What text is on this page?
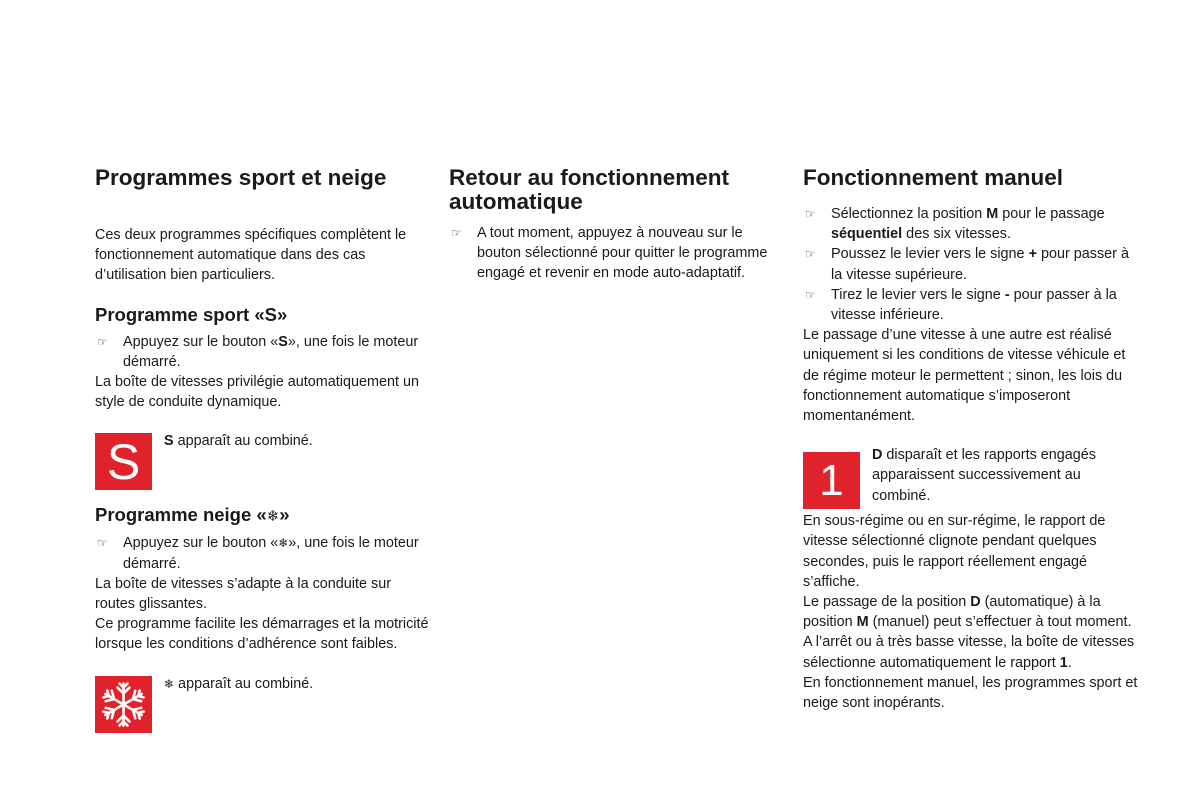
Programmes sport et neige

Ces deux programmes spécifiques complètent le fonctionnement automatique dans des cas d’utilisation bien particuliers.

Programme sport «S»
☞ Appuyez sur le bouton «S», une fois le moteur démarré.

La boîte de vitesses privilégie automatiquement un style de conduite dynamique.

S	S apparaît au combiné.
Programme neige «❄»
☞ Appuyez sur le bouton «❄», une fois le moteur démarré.

La boîte de vitesses s’adapte à la conduite sur routes glissantes.

Ce programme facilite les démarrages et la motricité lorsque les conditions d’adhérence sont faibles.

❄ apparaît au combiné.
Retour au fonctionnement automatique
☞ A tout moment, appuyez à nouveau sur le bouton sélectionné pour quitter le programme engagé et revenir en mode auto-adaptatif.
Fonctionnement manuel
☞ Sélectionnez la position M pour le passage séquentiel des six vitesses.
☞ Poussez le levier vers le signe + pour passer à la vitesse supérieure.
☞ Tirez le levier vers le signe - pour passer à la vitesse inférieure.

Le passage d’une vitesse à une autre est réalisé uniquement si les conditions de vitesse véhicule et de régime moteur le permettent ; sinon, les lois du fonctionnement automatique s’imposeront momentanément.

1
D disparaît et les rapports engagés apparaissent successivement au combiné.

En sous-régime ou en sur-régime, le rapport de vitesse sélectionné clignote pendant quelques secondes, puis le rapport réellement engagé s’affiche.

Le passage de la position D (automatique) à la position M (manuel) peut s’effectuer à tout moment.

A l’arrêt ou à très basse vitesse, la boîte de vitesses sélectionne automatiquement le rapport 1.

En fonctionnement manuel, les programmes sport et neige sont inopérants.
